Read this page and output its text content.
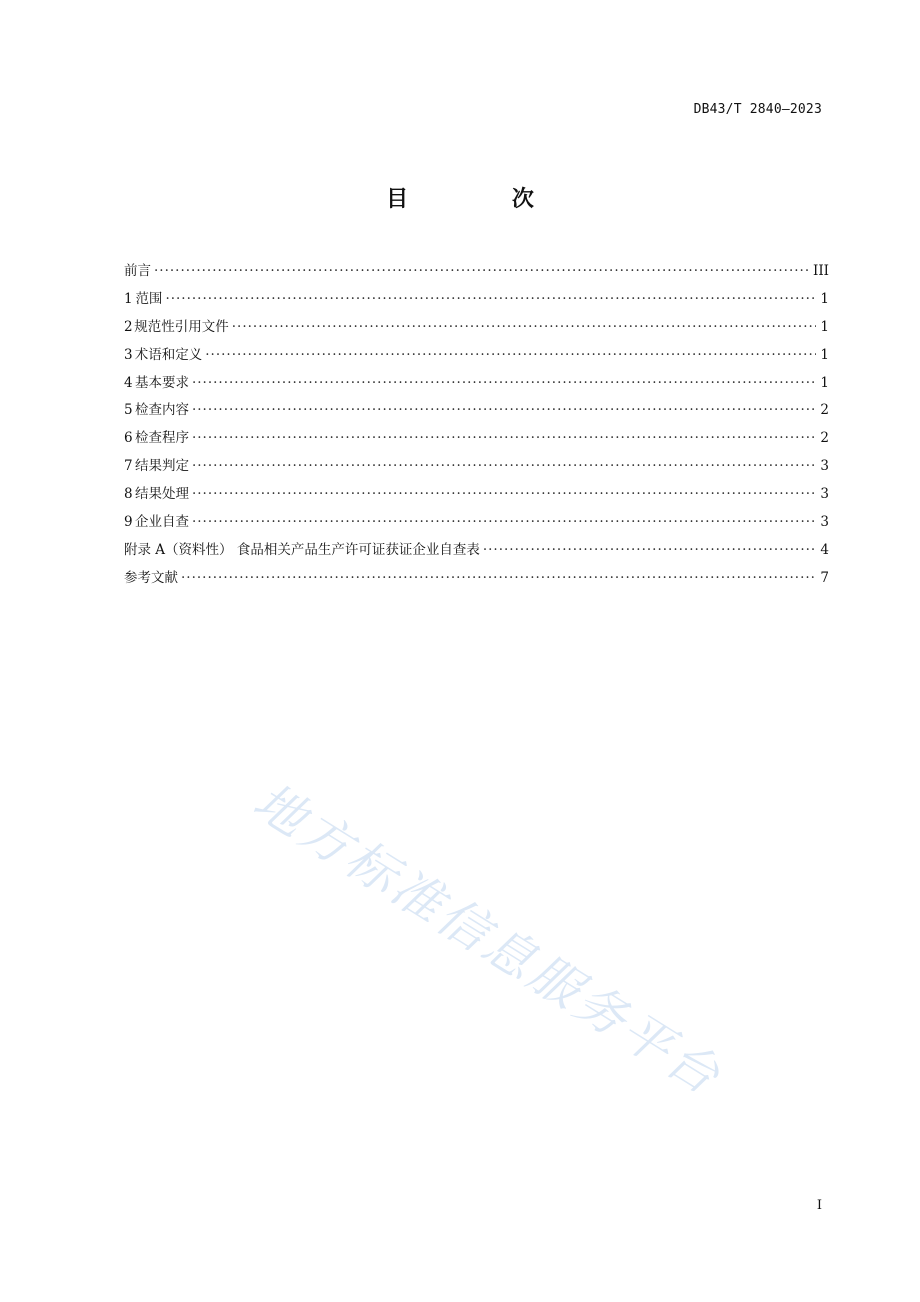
DB43/T 2840—2023
目 次
前言 ·····	III
1 范围 ·····	1
2 规范性引用文件 ·····	1
3 术语和定义 ·····	1
4 基本要求 ·····	1
5 检查内容 ·····	2
6 检查程序 ·····	2
7 结果判定 ·····	3
8 结果处理 ·····	3
9 企业自查 ·····	3
附录 A（资料性） 食品相关产品生产许可证获证企业自查表 ·····	4
参考文献 ·····	7
地方标准信息服务平台
I
